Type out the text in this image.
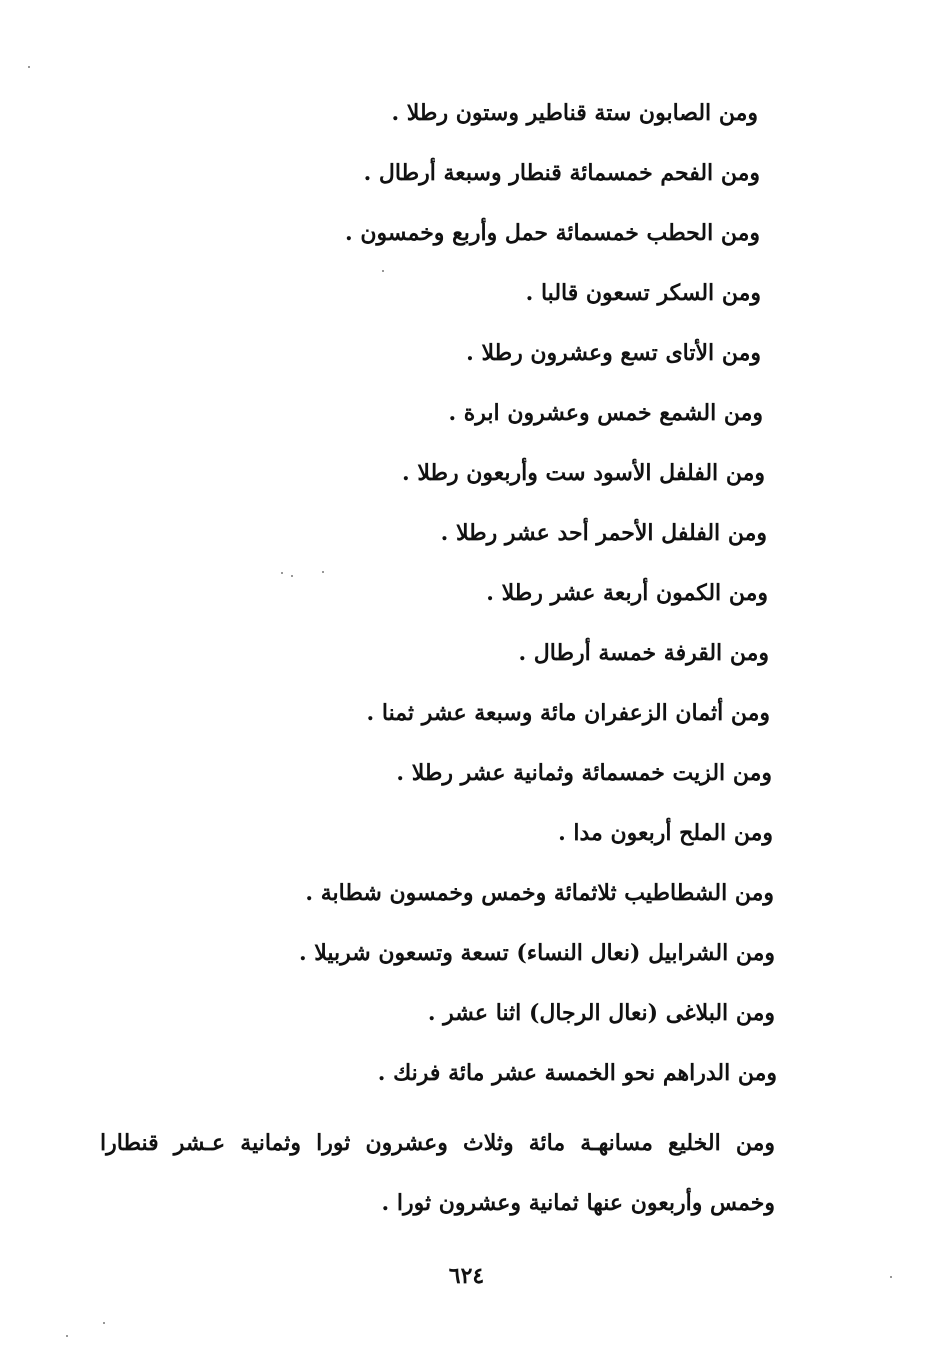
ومن الصابون ستة قناطير وستون رطلا .
ومن الفحم خمسمائة قنطار وسبعة أرطال .
ومن الحطب خمسمائة حمل وأربع وخمسون .
ومن السكر تسعون قالبا .
ومن الأتاى تسع وعشرون رطلا .
ومن الشمع خمس وعشرون ابرة .
ومن الفلفل الأسود ست وأربعون رطلا .
ومن الفلفل الأحمر أحد عشر رطلا .
ومن الكمون أربعة عشر رطلا .
ومن القرفة خمسة أرطال .
ومن أثمان الزعفران مائة وسبعة عشر ثمنا .
ومن الزيت خمسمائة وثمانية عشر رطلا .
ومن الملح أربعون مدا .
ومن الشطاطيب ثلاثمائة وخمس وخمسون شطابة .
ومن الشرابيل (نعال النساء) تسعة وتسعون شربيلا .
ومن البلاغى (نعال الرجال) اثنا عشر .
ومن الدراهم نحو الخمسة عشر مائة فرنك .
ومن الخليع مسانهـة مائة وثلاث وعشرون ثورا وثمانية عـشر قنطارا وخمس وأربعون عنها ثمانية وعشرون ثورا .
٦٢٤
